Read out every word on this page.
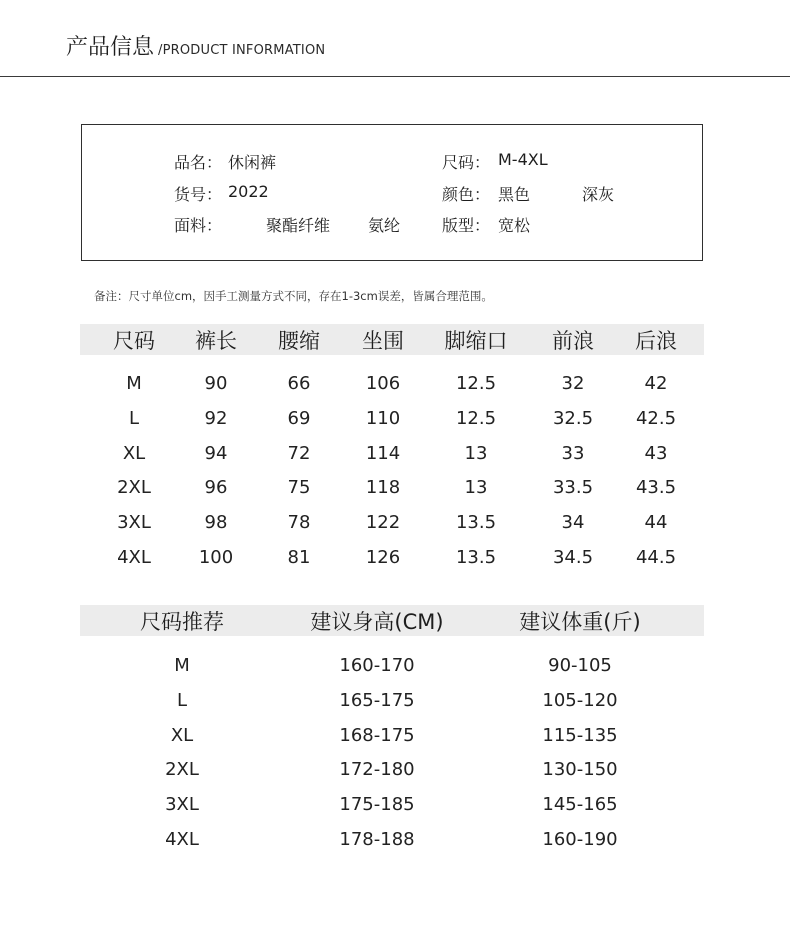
产品信息 /PRODUCT INFORMATION
品名： 休闲裤	尺码： M-4XL
货号： 2022	颜色： 黑色	深灰
面料：	聚酯纤维 氨纶	版型： 宽松
备注：尺寸单位cm，因手工测量方式不同，存在1-3cm误差，皆属合理范围。
尺码 裤长 腰缩 坐围 脚缩口 前浪 后浪
M	90	66	106	12.5	32	42
L	92	69	110	12.5	32.5 42.5
XL	94	72	114	13	33	43
2XL	96	75	118	13	33.5 43.5
3XL	98	78	122	13.5	34	44
4XL	100	81	126	13.5	34.5 44.5
尺码推荐	建议身高(CM)	建议体重(斤)
M	160-170	90-105
L	165-175	105-120
XL	168-175	115-135
2XL	172-180	130-150
3XL	175-185	145-165
4XL	178-188	160-190
